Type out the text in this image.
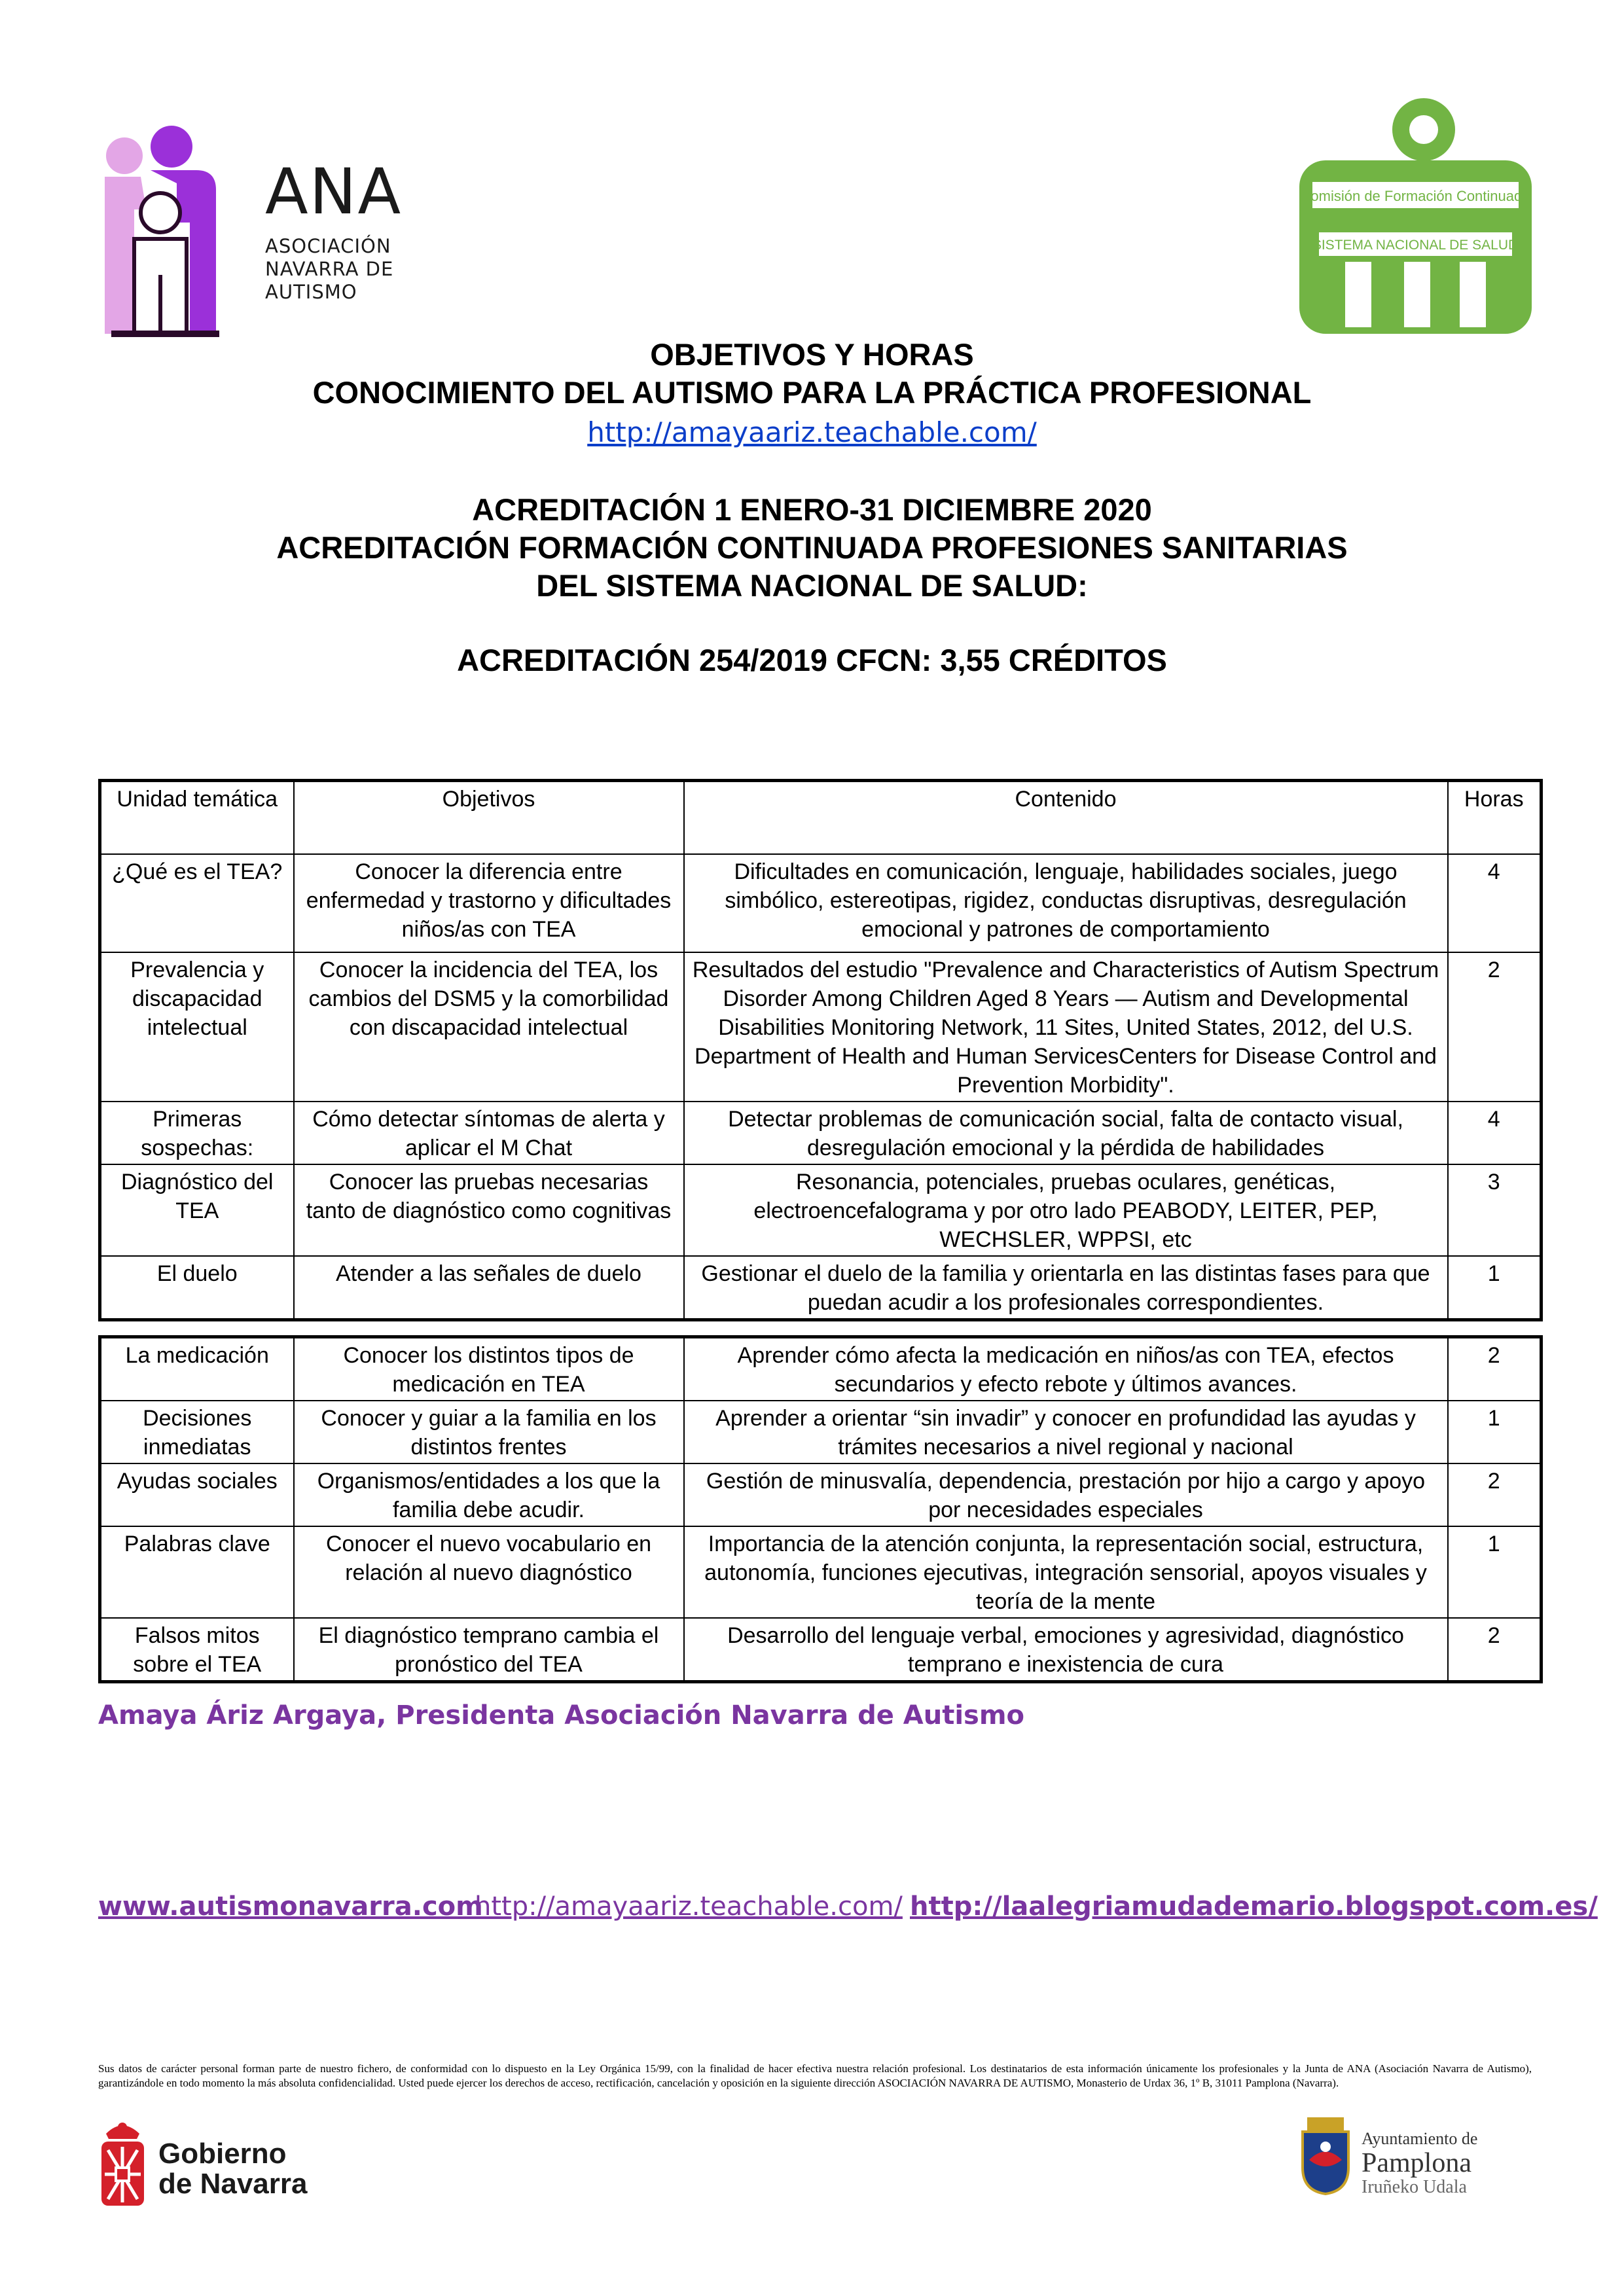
ANA
ASOCIACIÓN
NAVARRA DE
AUTISMO
Comisión de Formación Continuada
SISTEMA NACIONAL DE SALUD
OBJETIVOS Y HORAS
CONOCIMIENTO DEL AUTISMO PARA LA PRÁCTICA PROFESIONAL
http://amayaariz.teachable.com/
ACREDITACIÓN 1 ENERO-31 DICIEMBRE 2020
ACREDITACIÓN FORMACIÓN CONTINUADA PROFESIONES SANITARIAS
DEL SISTEMA NACIONAL DE SALUD:
ACREDITACIÓN 254/2019 CFCN: 3,55 CRÉDITOS
Unidad temática	Objetivos	Contenido	Horas
¿Qué es el TEA?	Conocer la diferencia entre enfermedad y trastorno y dificultades niños/as con TEA	Dificultades en comunicación, lenguaje, habilidades sociales, juego simbólico, estereotipas, rigidez, conductas disruptivas, desregulación emocional y patrones de comportamiento	4
Prevalencia y discapacidad intelectual	Conocer la incidencia del TEA, los cambios del DSM5 y la comorbilidad con discapacidad intelectual	Resultados del estudio "Prevalence and Characteristics of Autism Spectrum Disorder Among Children Aged 8 Years — Autism and Developmental Disabilities Monitoring Network, 11 Sites, United States, 2012, del U.S. Department of Health and Human ServicesCenters for Disease Control and Prevention Morbidity".	2
Primeras sospechas:	Cómo detectar síntomas de alerta y aplicar el M Chat	Detectar problemas de comunicación social, falta de contacto visual, desregulación emocional y la pérdida de habilidades	4
Diagnóstico del TEA	Conocer las pruebas necesarias tanto de diagnóstico como cognitivas	Resonancia, potenciales, pruebas oculares, genéticas, electroencefalograma y por otro lado PEABODY, LEITER, PEP, WECHSLER, WPPSI, etc	3
El duelo	Atender a las señales de duelo	Gestionar el duelo de la familia y orientarla en las distintas fases para que puedan acudir a los profesionales correspondientes.	1
La medicación	Conocer los distintos tipos de medicación en TEA	Aprender cómo afecta la medicación en niños/as con TEA, efectos secundarios y efecto rebote y últimos avances.	2
Decisiones inmediatas	Conocer y guiar a la familia en los distintos frentes	Aprender a orientar “sin invadir” y conocer en profundidad las ayudas y trámites necesarios a nivel regional y nacional	1
Ayudas sociales	Organismos/entidades a los que la familia debe acudir.	Gestión de minusvalía, dependencia, prestación por hijo a cargo y apoyo por necesidades especiales	2
Palabras clave	Conocer el nuevo vocabulario en relación al nuevo diagnóstico	Importancia de la atención conjunta, la representación social, estructura, autonomía, funciones ejecutivas, integración sensorial, apoyos visuales y teoría de la mente	1
Falsos mitos sobre el TEA	El diagnóstico temprano cambia el pronóstico del TEA	Desarrollo del lenguaje verbal, emociones y agresividad, diagnóstico temprano e inexistencia de cura	2
Amaya Áriz Argaya, Presidenta Asociación Navarra de Autismo
www.autismonavarra.com
http://amayaariz.teachable.com/ http://laalegriamudademario.blogspot.com.es/
Sus datos de carácter personal forman parte de nuestro fichero, de conformidad con lo dispuesto en la Ley Orgánica 15/99, con la finalidad de hacer efectiva nuestra relación profesional. Los destinatarios de esta información únicamente los profesionales y la Junta de ANA (Asociación Navarra de Autismo), garantizándole en todo momento la más absoluta confidencialidad. Usted puede ejercer los derechos de acceso, rectificación, cancelación y oposición en la siguiente dirección ASOCIACIÓN NAVARRA DE AUTISMO, Monasterio de Urdax 36, 1º B, 31011 Pamplona (Navarra).
Gobierno
de Navarra
Ayuntamiento de
Pamplona
Iruñeko Udala
